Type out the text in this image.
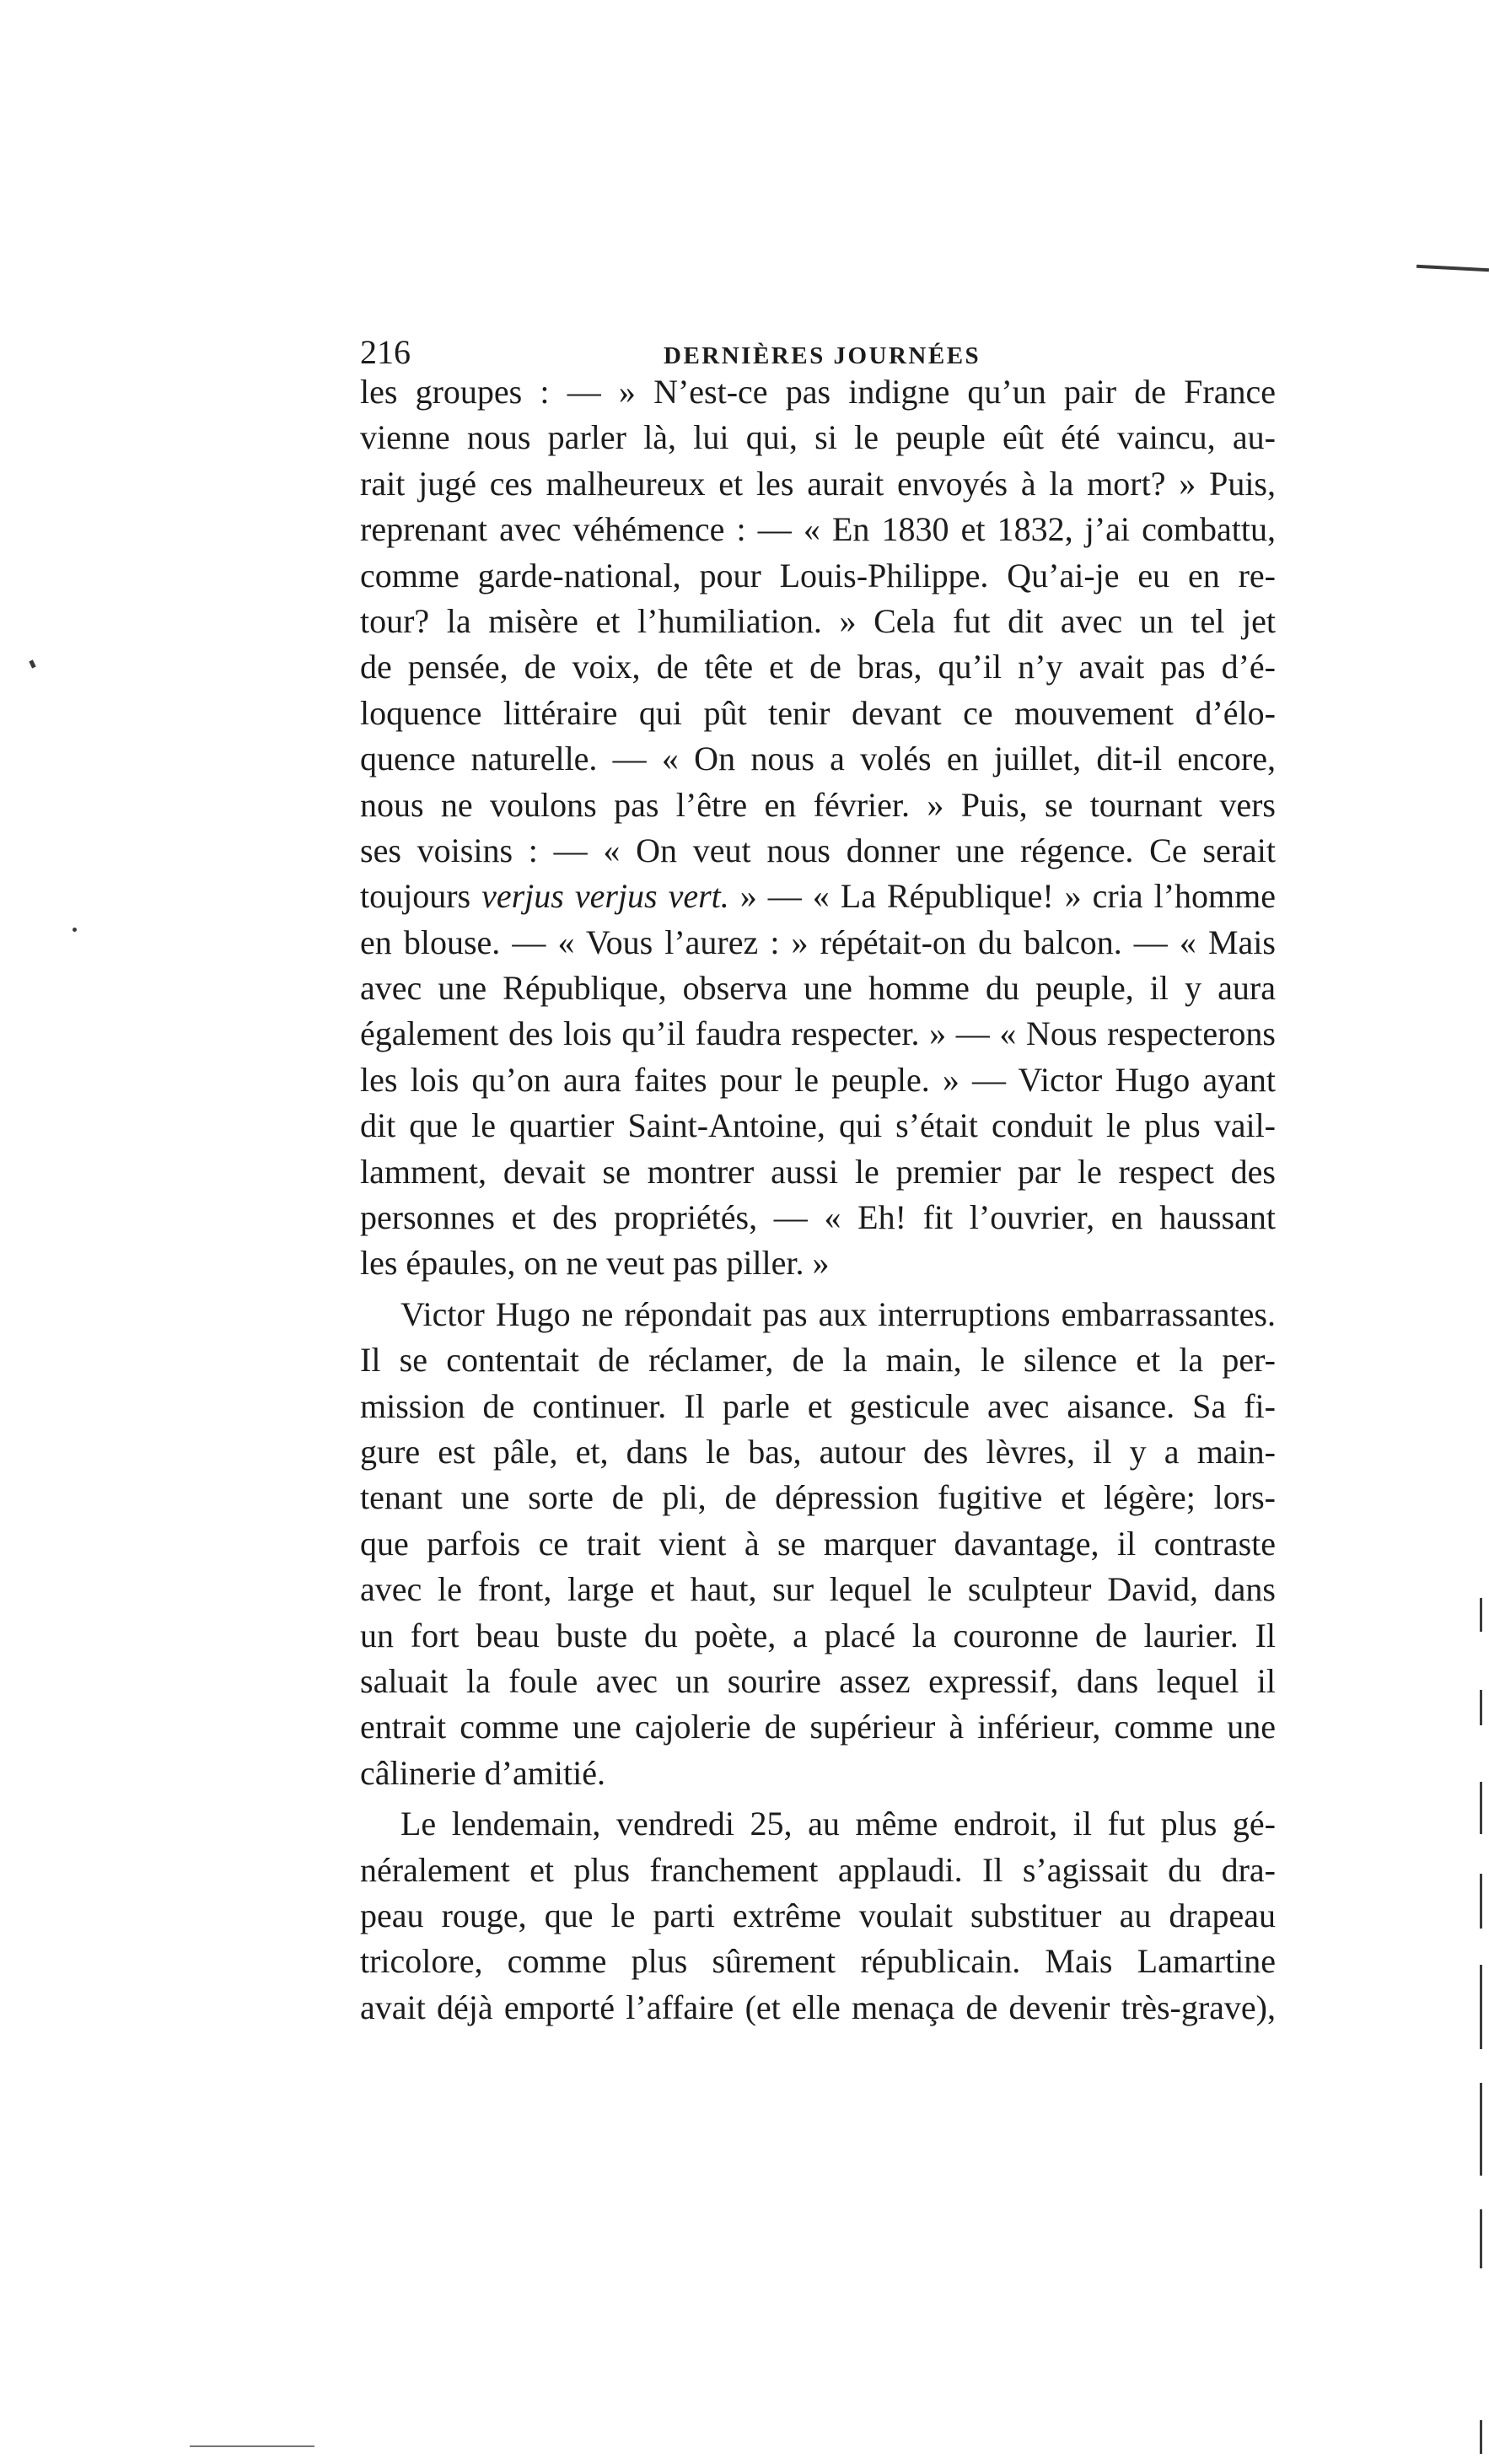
216	DERNIÈRES JOURNÉES
les groupes : — » N’est-ce pas indigne qu’un pair de France
vienne nous parler là, lui qui, si le peuple eût été vaincu, au-
rait jugé ces malheureux et les aurait envoyés à la mort? » Puis,
reprenant avec véhémence : — « En 1830 et 1832, j’ai combattu,
comme garde-national, pour Louis-Philippe. Qu’ai-je eu en re-
tour? la misère et l’humiliation. » Cela fut dit avec un tel jet
de pensée, de voix, de tête et de bras, qu’il n’y avait pas d’é-
loquence littéraire qui pût tenir devant ce mouvement d’élo-
quence naturelle. — « On nous a volés en juillet, dit-il encore,
nous ne voulons pas l’être en février. » Puis, se tournant vers
ses voisins : — « On veut nous donner une régence. Ce serait
toujours verjus verjus vert. » — « La République! » cria l’homme
en blouse. — « Vous l’aurez : » répétait-on du balcon. — « Mais
avec une République, observa une homme du peuple, il y aura
également des lois qu’il faudra respecter. » — « Nous respecterons
les lois qu’on aura faites pour le peuple. » — Victor Hugo ayant
dit que le quartier Saint-Antoine, qui s’était conduit le plus vail-
lamment, devait se montrer aussi le premier par le respect des
personnes et des propriétés, — « Eh! fit l’ouvrier, en haussant
les épaules, on ne veut pas piller. »
Victor Hugo ne répondait pas aux interruptions embarrassantes.
Il se contentait de réclamer, de la main, le silence et la per-
mission de continuer. Il parle et gesticule avec aisance. Sa fi-
gure est pâle, et, dans le bas, autour des lèvres, il y a main-
tenant une sorte de pli, de dépression fugitive et légère; lors-
que parfois ce trait vient à se marquer davantage, il contraste
avec le front, large et haut, sur lequel le sculpteur David, dans
un fort beau buste du poète, a placé la couronne de laurier. Il
saluait la foule avec un sourire assez expressif, dans lequel il
entrait comme une cajolerie de supérieur à inférieur, comme une
câlinerie d’amitié.
Le lendemain, vendredi 25, au même endroit, il fut plus gé-
néralement et plus franchement applaudi. Il s’agissait du dra-
peau rouge, que le parti extrême voulait substituer au drapeau
tricolore, comme plus sûrement républicain. Mais Lamartine
avait déjà emporté l’affaire (et elle menaça de devenir très-grave),
